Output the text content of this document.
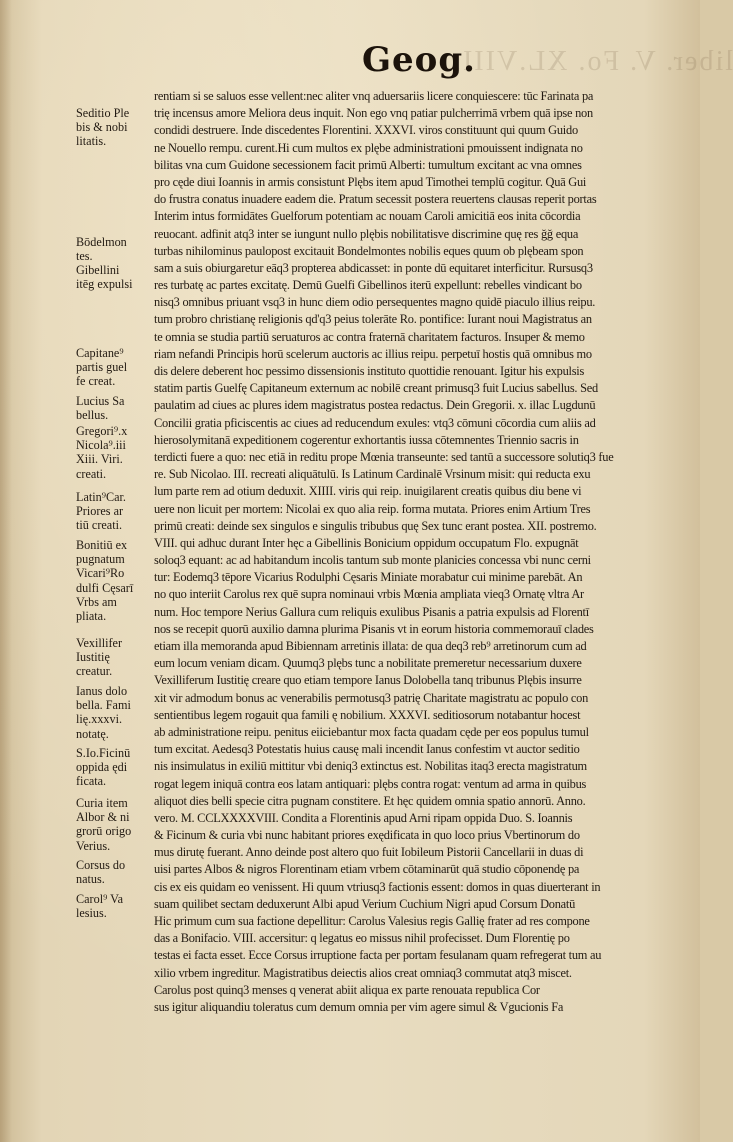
liber. V. Fo. XL.VIII.
Geog.
Seditio Ple
bis & nobi
litatis.
Bōdelmon
tes.
Gibellini
itēg expulsi
Capitane⁹
partis guel
fe creat.
Lucius Sa
bellus.
Gregori⁹.x
Nicola⁹.iii
Xiii. Viri.
creati.
Latin⁹Car.
Priores ar
tiū creati.
Bonitiū ex
pugnatum
Vicari⁹Ro
dulfi Cęsarī
Vrbs am
pliata.
Vexillifer
Iustitię
creatur.
Ianus dolo
bella. Fami
lię.xxxvi.
notatę.
S.Io.Ficinū
oppida ędi
ficata.
Curia item
Albor & ni
grorū origo
Verius.
Corsus do
natus.
Carol⁹ Va
lesius.
rentiam si se saluos esse vellent:nec aliter vnq aduersariis licere conquiescere: tūc Farinata pa
trię incensus amore Meliora deus inquit. Non ego vnq patiar pulcherrimā vrbem quā ipse non
condidi destruere. Inde discedentes Florentini. XXXVI. viros constituunt qui quum Guido
ne Nouello rempu. curent.Hi cum multos ex plębe administrationi pmouissent indignata no
bilitas vna cum Guidone secessionem facit primū Alberti: tumultum excitant ac vna omnes
pro cęde diui Ioannis in armis consistunt Plębs item apud Timothei templū cogitur. Quā Gui
do frustra conatus inuadere eadem die. Pratum secessit postera reuertens clausas reperit portas
Interim intus formidātes Guelforum potentiam ac nouam Caroli amicitiā eos inita cōcordia
reuocant. adfinit atq3 inter se iungunt nullo plębis nobilitatisve discrimine quę res ğğ equa
turbas nihilominus paulopost excitauit Bondelmontes nobilis eques quum ob plębeam spon
sam a suis obiurgaretur eāq3 propterea abdicasset: in ponte dū equitaret interficitur. Rursusq3
res turbatę ac partes excitatę. Demū Guelfi Gibellinos iterū expellunt: rebelles vindicant bo
nisq3 omnibus priuant vsq3 in hunc diem odio persequentes magno quidē piaculo illius reipu.
tum probro christianę religionis qd'q3 peius tolerāte Ro. pontifice: Iurant noui Magistratus an
te omnia se studia partiū seruaturos ac contra fraternā charitatem facturos. Insuper & memo
riam nefandi Principis horū scelerum auctoris ac illius reipu. perpetuī hostis quā omnibus mo
dis delere deberent hoc pessimo dissensionis instituto quottidie renouant. Igitur his expulsis
statim partis Guelfę Capitaneum externum ac nobilē creant primusq3 fuit Lucius sabellus. Sed
paulatim ad ciues ac plures idem magistratus postea redactus. Dein Gregorii. x. illac Lugdunū
Concilii gratia pficiscentis ac ciues ad reducendum exules: vtq3 cōmuni cōcordia cum aliis ad
hierosolymitanā expeditionem cogerentur exhortantis iussa cōtemnentes Triennio sacris in
terdicti fuere a quo: nec etiā in reditu prope Mœnia transeunte: sed tantū a successore solutiq3 fue
re. Sub Nicolao. III. recreati aliquātulū. Is Latinum Cardinalē Vrsinum misit: qui reducta exu
lum parte rem ad otium deduxit. XIIII. viris qui reip. inuigilarent creatis quibus diu bene vi
uere non licuit per mortem: Nicolai ex quo alia reip. forma mutata. Priores enim Artium Tres
primū creati: deinde sex singulos e singulis tribubus quę Sex tunc erant postea. XII. postremo.
VIII. qui adhuc durant Inter hęc a Gibellinis Bonicium oppidum occupatum Flo. expugnāt
soloq3 equant: ac ad habitandum incolis tantum sub monte planicies concessa vbi nunc cerni
tur: Eodemq3 tēpore Vicarius Rodulphi Cęsaris Miniate morabatur cui minime parebāt. An
no quo interiit Carolus rex quē supra nominaui vrbis Mœnia ampliata vieq3 Ornatę vltra Ar
num. Hoc tempore Nerius Gallura cum reliquis exulibus Pisanis a patria expulsis ad Florentī
nos se recepit quorū auxilio damna plurima Pisanis vt in eorum historia commemorauī clades
etiam illa memoranda apud Bibiennam arretinis illata: de qua deq3 reb⁹ arretinorum cum ad
eum locum veniam dicam. Quumq3 plębs tunc a nobilitate premeretur necessarium duxere
Vexilliferum Iustitię creare quo etiam tempore Ianus Dolobella tanq tribunus Plębis insurre
xit vir admodum bonus ac venerabilis permotusq3 patrię Charitate magistratu ac populo con
sentientibus legem rogauit qua famili ę nobilium. XXXVI. seditiosorum notabantur hocest
ab administratione reipu. penitus eiiciebantur mox facta quadam cęde per eos populus tumul
tum excitat. Aedesq3 Potestatis huius causę mali incendit Ianus confestim vt auctor seditio
nis insimulatus in exiliū mittitur vbi deniq3 extinctus est. Nobilitas itaq3 erecta magistratum
rogat legem iniquā contra eos latam antiquari: plębs contra rogat: ventum ad arma in quibus
aliquot dies belli specie citra pugnam constitere. Et hęc quidem omnia spatio annorū. Anno.
vero. M. CCLXXXXVIII. Condita a Florentinis apud Arni ripam oppida Duo. S. Ioannis
& Ficinum & curia vbi nunc habitant priores exędificata in quo loco prius Vbertinorum do
mus dirutę fuerant. Anno deinde post altero quo fuit Iobileum Pistorii Cancellarii in duas di
uisi partes Albos & nigros Florentinam etiam vrbem cōtaminarūt quā studio cōponendę pa
cis ex eis quidam eo venissent. Hi quum vtriusq3 factionis essent: domos in quas diuerterant in
suam quilibet sectam deduxerunt Albi apud Verium Cuchium Nigri apud Corsum Donatū
Hic primum cum sua factione depellitur: Carolus Valesius regis Gallię frater ad res compone
das a Bonifacio. VIII. accersitur: q legatus eo missus nihil profecisset. Dum Florentię po
testas ei facta esset. Ecce Corsus irruptione facta per portam fesulanam quam refregerat tum au
xilio vrbem ingreditur. Magistratibus deiectis alios creat omniaq3 commutat atq3 miscet.
Carolus post quinq3 menses q venerat abiit aliqua ex parte renouata republica Cor
sus igitur aliquandiu toleratus cum demum omnia per vim agere simul & Vgucionis Fa
